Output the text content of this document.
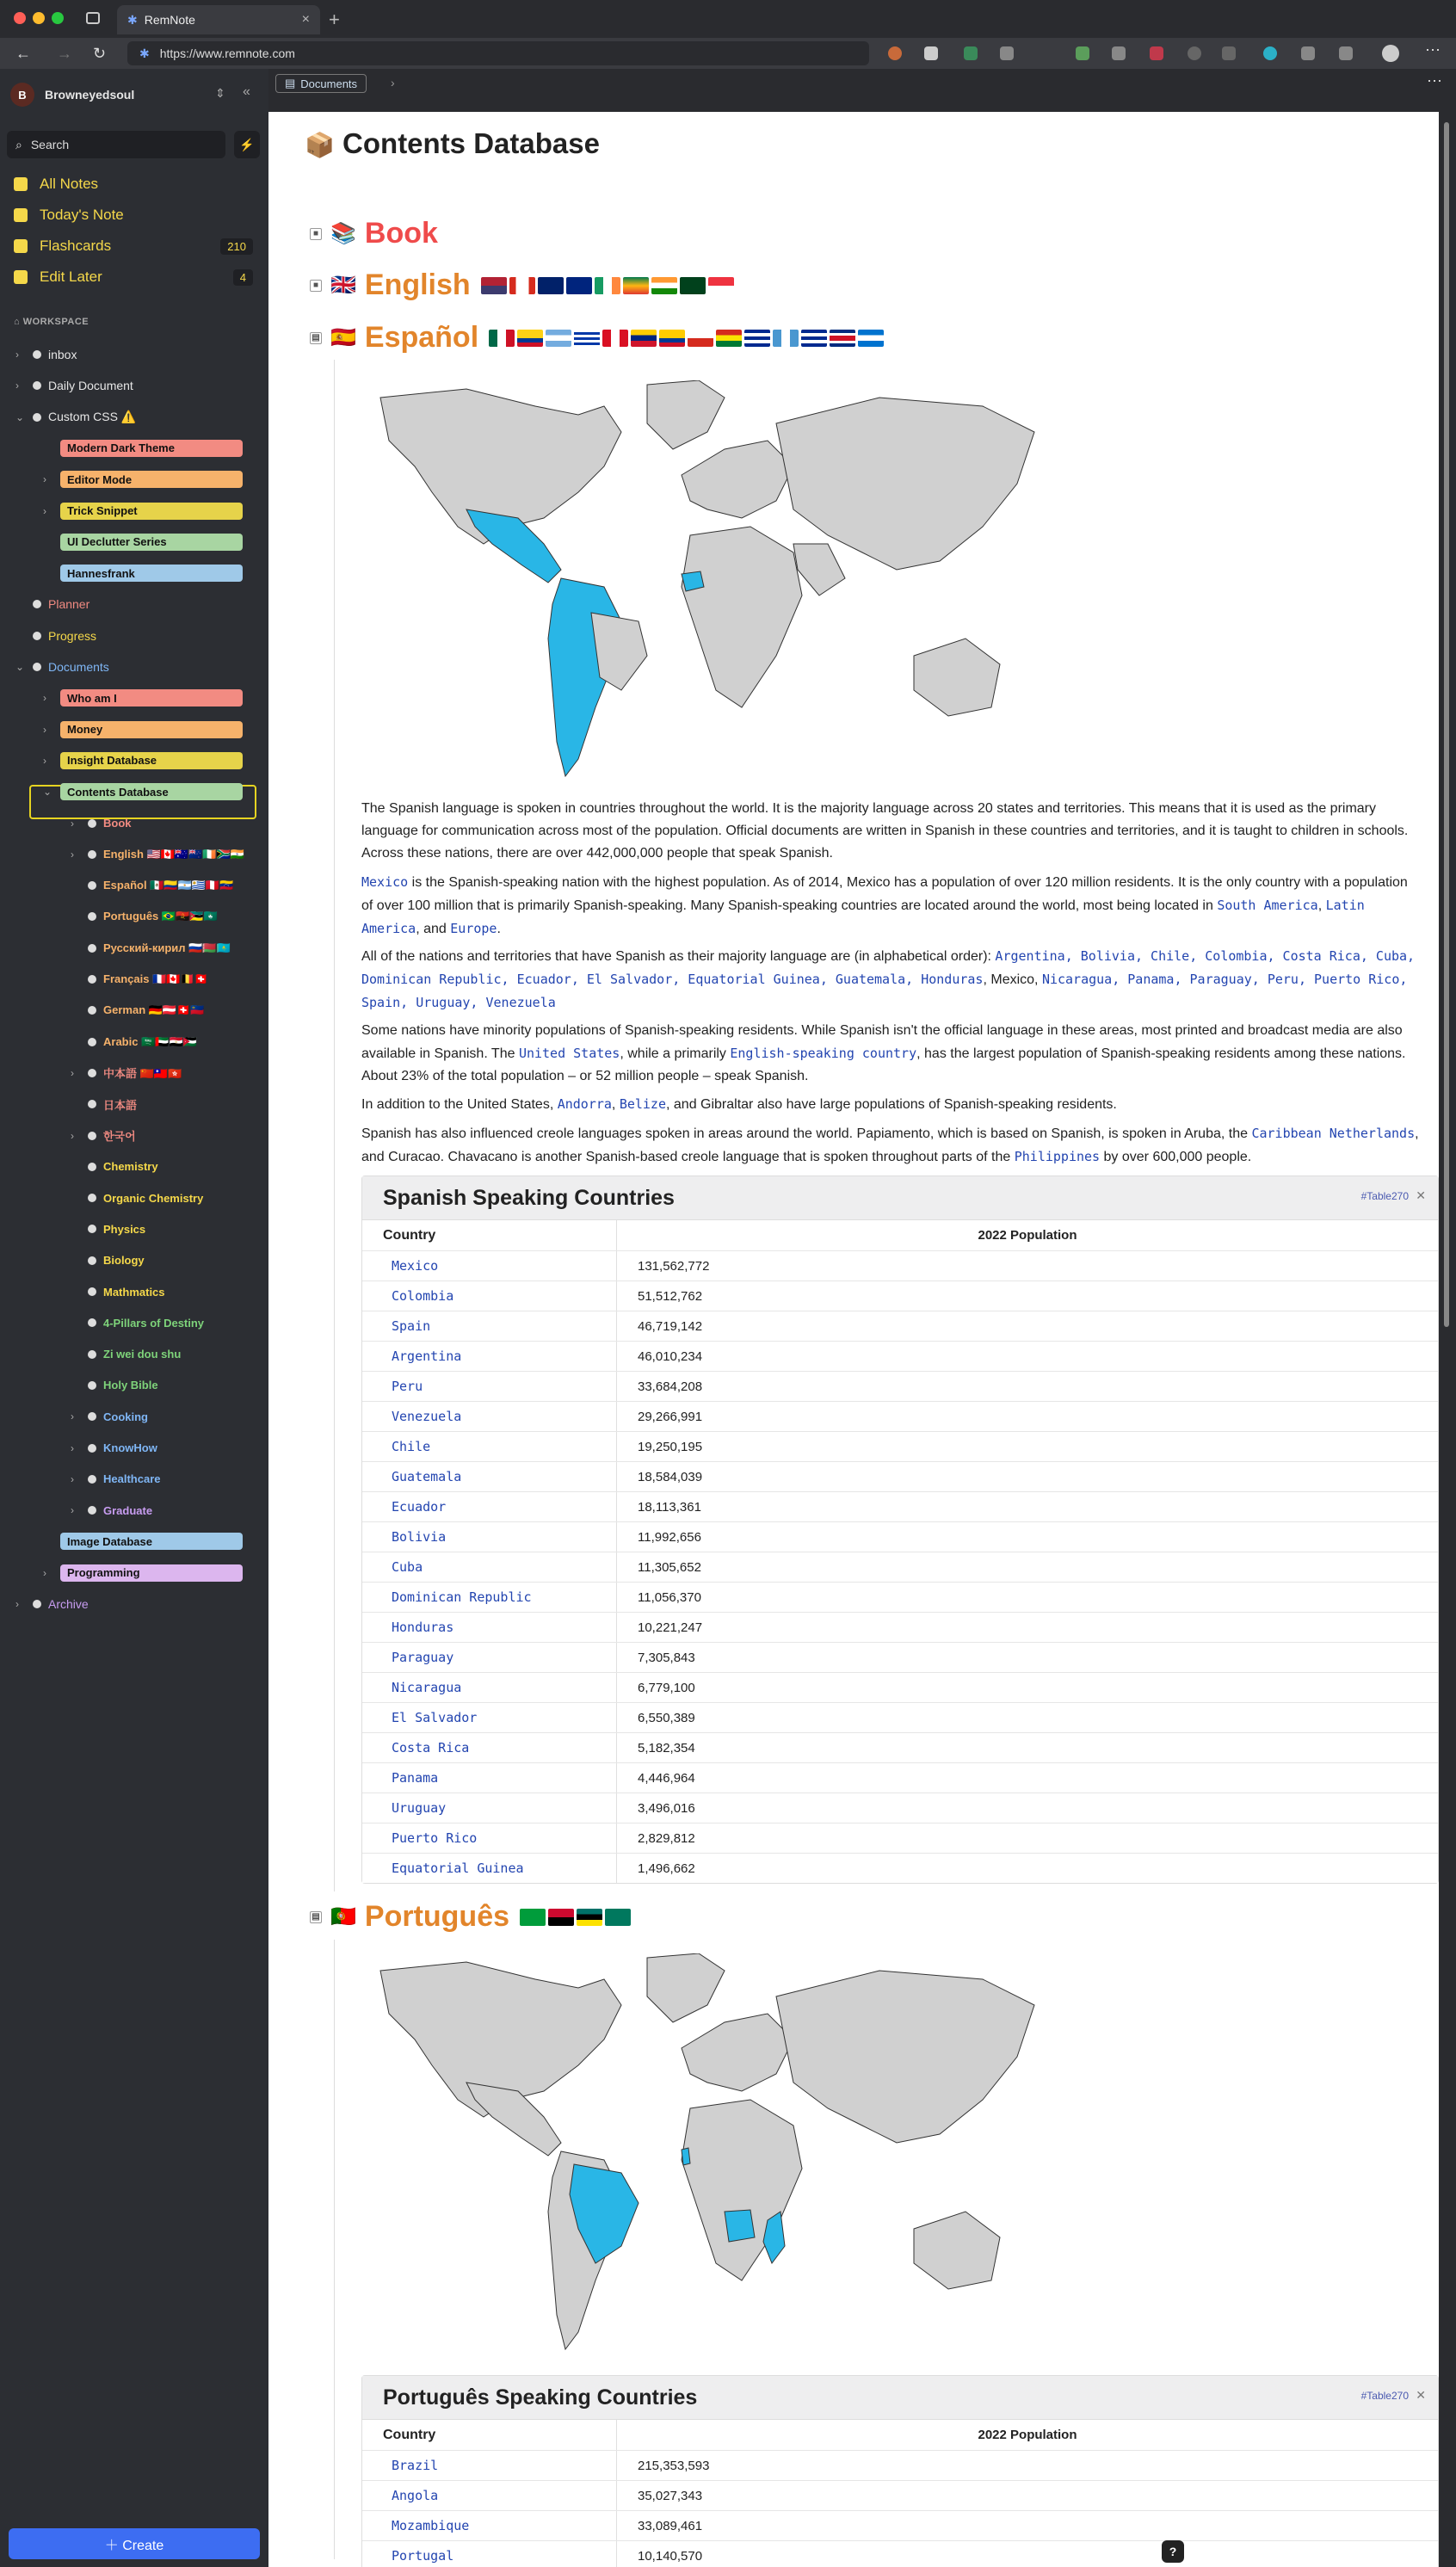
✱ RemNote	× +
← → ↻	✱ https://www.remnote.com	⋯
B	Browneyedsoul	⇕ «
⌕ Search	⚡
All Notes
Today's Note
Flashcards	210
Edit Later	4
⌂ WORKSPACE
› inbox
› Daily Document
⌄ Custom CSS ⚠️
Modern Dark Theme
›	Editor Mode
›	Trick Snippet
UI Declutter Series
Hannesfrank
Planner
Progress
⌄ Documents
›	Who am I
›	Money
›	Insight Database
⌄	Contents Database
›	Book
›	English 🇺🇸🇨🇦🇦🇺🇳🇿🇮🇪🇿🇦🇮🇳
Español 🇲🇽🇨🇴🇦🇷🇺🇾🇵🇪🇻🇪
Português 🇧🇷🇦🇴🇲🇿🇲🇴
Русский-кирил 🇷🇺🇧🇾🇰🇿
Français 🇫🇷🇨🇦🇧🇪🇨🇭
German 🇩🇪🇦🇹🇨🇭🇱🇮
Arabic 🇸🇦🇦🇪🇪🇬🇯🇴
›	中本語 🇨🇳🇹🇼🇭🇰
日本語
›	한국어
Chemistry
Organic Chemistry
Physics
Biology
Mathmatics
4-Pillars of Destiny
Zi wei dou shu
Holy Bible
›	Cooking
›	KnowHow
›	Healthcare
›	Graduate
Image Database
›	Programming
› Archive
＋ Create
▤ Documents	›	⋯
📦 Contents Database
■ 📚 Book
■ 🇬🇧 English
▤ 🇪🇸 Español
The Spanish language is spoken in countries throughout the world. It is the majority language across 20 states and territories. This means that it is used as the primary language for communication across most of the population. Official documents are written in Spanish in these countries and territories, and it is taught to children in schools. Across these nations, there are over 442,000,000 people that speak Spanish.
Mexico is the Spanish-speaking nation with the highest population. As of 2014, Mexico has a population of over 120 million residents. It is the only country with a population of over 100 million that is primarily Spanish-speaking. Many Spanish-speaking countries are located around the world, most being located in South America, Latin America, and Europe.
All of the nations and territories that have Spanish as their majority language are (in alphabetical order): Argentina, Bolivia, Chile, Colombia, Costa Rica, Cuba, Dominican Republic, Ecuador, El Salvador, Equatorial Guinea, Guatemala, Honduras, Mexico, Nicaragua, Panama, Paraguay, Peru, Puerto Rico, Spain, Uruguay, Venezuela
Some nations have minority populations of Spanish-speaking residents. While Spanish isn't the official language in these areas, most printed and broadcast media are also available in Spanish. The United States, while a primarily English-speaking country, has the largest population of Spanish-speaking residents among these nations. About 23% of the total population – or 52 million people – speak Spanish.
In addition to the United States, Andorra, Belize, and Gibraltar also have large populations of Spanish-speaking residents.
Spanish has also influenced creole languages spoken in areas around the world. Papiamento, which is based on Spanish, is spoken in Aruba, the Caribbean Netherlands, and Curacao. Chavacano is another Spanish-based creole language that is spoken throughout parts of the Philippines by over 600,000 people.
Spanish Speaking Countries	#Table270 ✕
Country	2022 Population
Mexico	131,562,772
Colombia	51,512,762
Spain	46,719,142
Argentina	46,010,234
Peru	33,684,208
Venezuela	29,266,991
Chile	19,250,195
Guatemala	18,584,039
Ecuador	18,113,361
Bolivia	11,992,656
Cuba	11,305,652
Dominican Republic	11,056,370
Honduras	10,221,247
Paraguay	7,305,843
Nicaragua	6,779,100
El Salvador	6,550,389
Costa Rica	5,182,354
Panama	4,446,964
Uruguay	3,496,016
Puerto Rico	2,829,812
Equatorial Guinea	1,496,662
▤ 🇵🇹 Português
Português Speaking Countries	#Table270 ✕
Country	2022 Population
Brazil	215,353,593
Angola	35,027,343
Mozambique	33,089,461
Portugal	10,140,570	?
